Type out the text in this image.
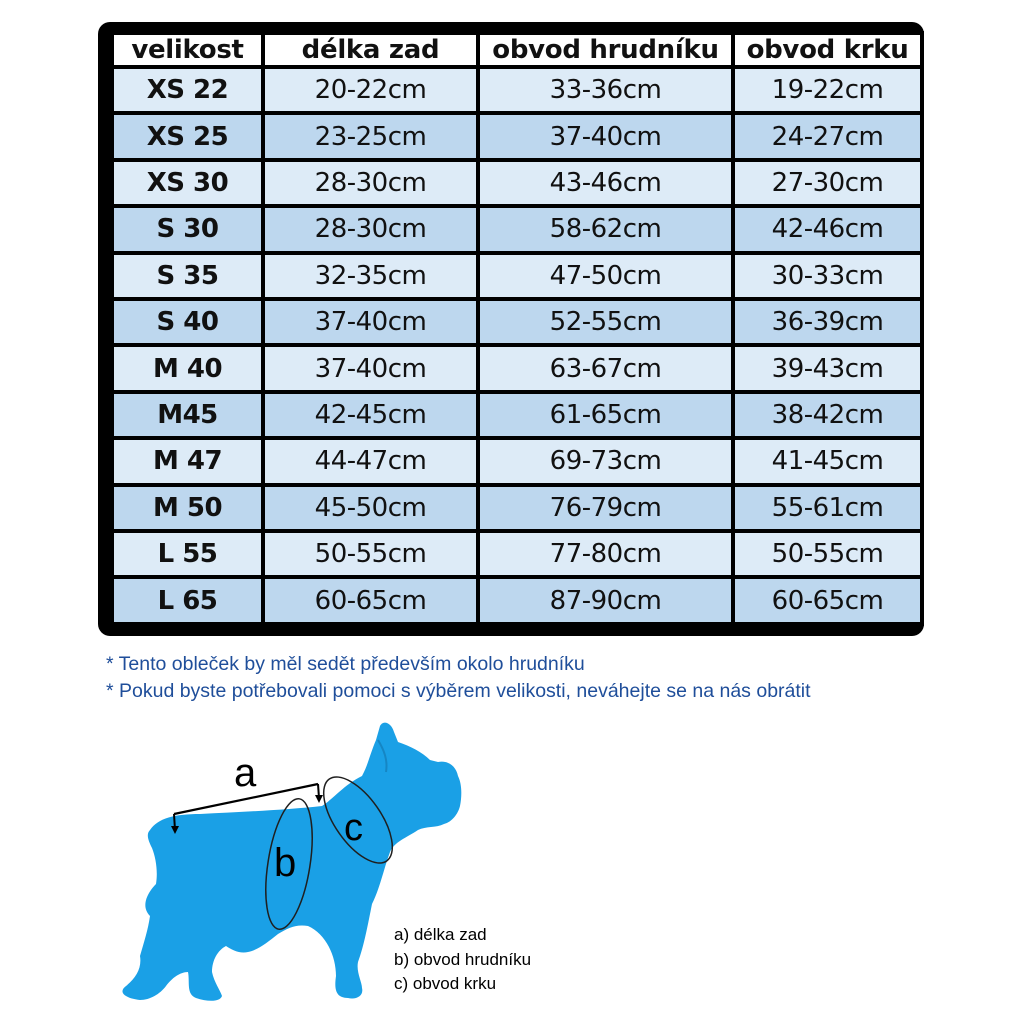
velikost	délka zad	obvod hrudníku	obvod krku
XS 22	20-22cm	33-36cm	19-22cm
XS 25	23-25cm	37-40cm	24-27cm
XS 30	28-30cm	43-46cm	27-30cm
S 30	28-30cm	58-62cm	42-46cm
S 35	32-35cm	47-50cm	30-33cm
S 40	37-40cm	52-55cm	36-39cm
M 40	37-40cm	63-67cm	39-43cm
M45	42-45cm	61-65cm	38-42cm
M 47	44-47cm	69-73cm	41-45cm
M 50	45-50cm	76-79cm	55-61cm
L 55	50-55cm	77-80cm	50-55cm
L 65	60-65cm	87-90cm	60-65cm
* Tento obleček by měl sedět především okolo hrudníku
* Pokud byste potřebovali pomoci s výběrem velikosti, neváhejte se na nás obrátit
a
b
c
a) délka zad
b) obvod hrudníku
c) obvod krku
